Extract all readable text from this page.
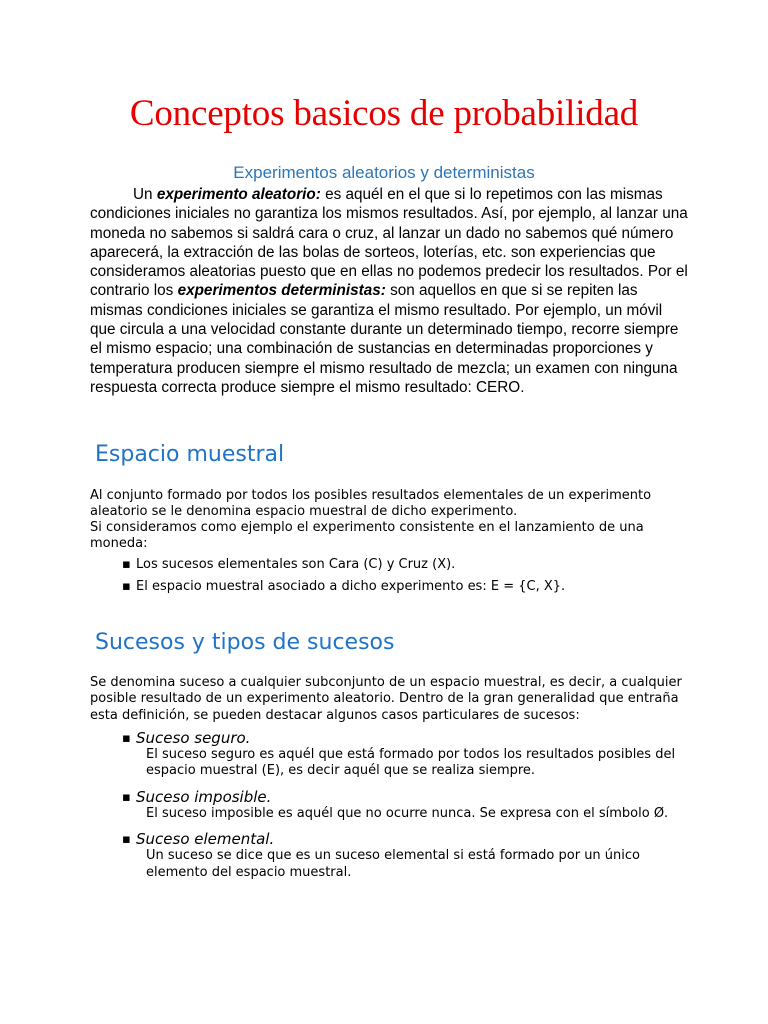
Conceptos basicos de probabilidad
Experimentos aleatorios y deterministas

Un experimento aleatorio: es aquél en el que si lo repetimos con las mismas condiciones iniciales no garantiza los mismos resultados. Así, por ejemplo, al lanzar una moneda no sabemos si saldrá cara o cruz, al lanzar un dado no sabemos qué número aparecerá, la extracción de las bolas de sorteos, loterías, etc. son experiencias que consideramos aleatorias puesto que en ellas no podemos predecir los resultados. Por el contrario los experimentos deterministas: son aquellos en que si se repiten las mismas condiciones iniciales se garantiza el mismo resultado. Por ejemplo, un móvil que circula a una velocidad constante durante un determinado tiempo, recorre siempre el mismo espacio; una combinación de sustancias en determinadas proporciones y temperatura producen siempre el mismo resultado de mezcla; un examen con ninguna respuesta correcta produce siempre el mismo resultado: CERO.

Espacio muestral

Al conjunto formado por todos los posibles resultados elementales de un experimento aleatorio se le denomina espacio muestral de dicho experimento.

Si consideramos como ejemplo el experimento consistente en el lanzamiento de una moneda:

▪ Los sucesos elementales son Cara (C) y Cruz (X).
▪ El espacio muestral asociado a dicho experimento es: E = {C, X}.
Sucesos y tipos de sucesos

Se denomina suceso a cualquier subconjunto de un espacio muestral, es decir, a cualquier posible resultado de un experimento aleatorio. Dentro de la gran generalidad que entraña esta definición, se pueden destacar algunos casos particulares de sucesos:

▪ Suceso seguro.
El suceso seguro es aquél que está formado por todos los resultados posibles del espacio muestral (E), es decir aquél que se realiza siempre.
▪ Suceso imposible.
El suceso imposible es aquél que no ocurre nunca. Se expresa con el símbolo Ø.
▪ Suceso elemental.
Un suceso se dice que es un suceso elemental si está formado por un único elemento del espacio muestral.
